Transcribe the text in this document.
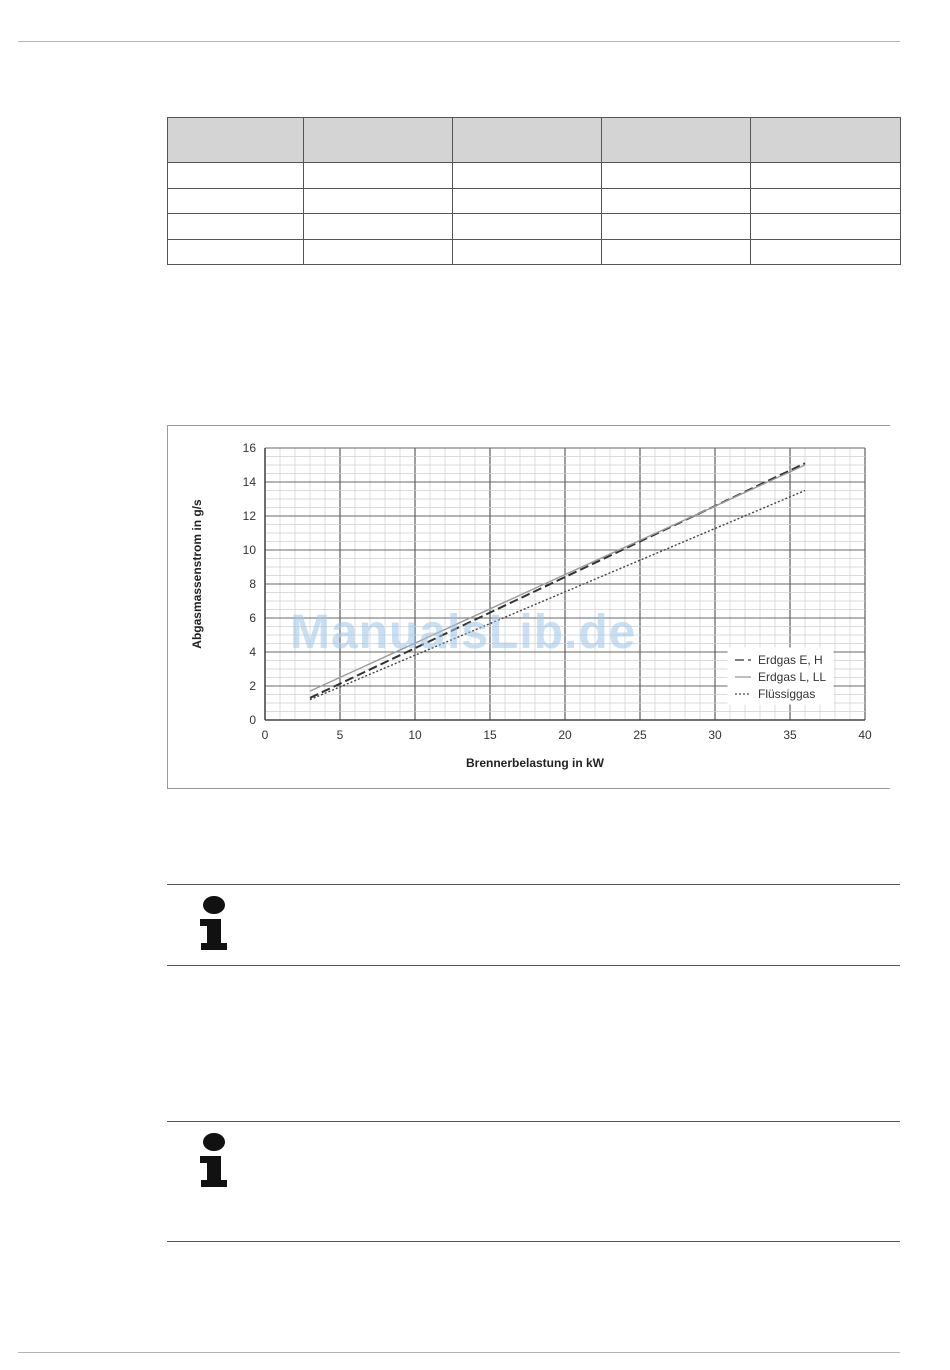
0	5	10	15	20	25	30	35	40
0
2
4
6
8
10
12
14
16
Brennerbelastung in kW
Abgasmassenstrom in g/s
Erdgas E, H
Erdgas L, LL
Flüssiggas
ManualsLib.de
